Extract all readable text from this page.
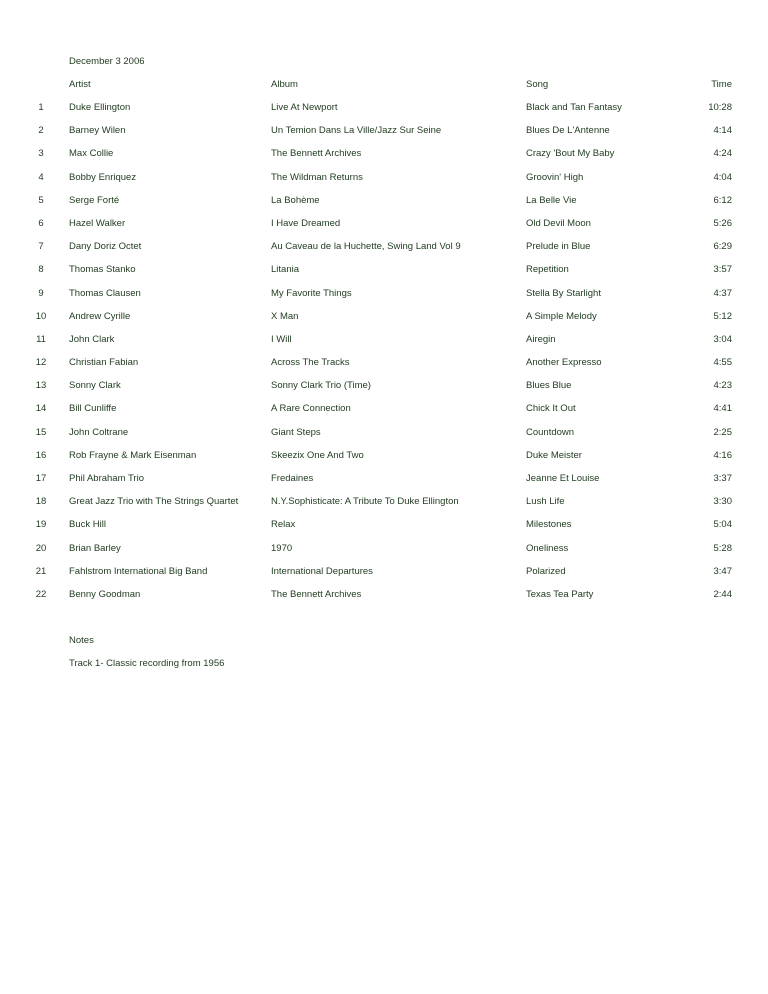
December 3 2006
Artist	Album	Song	Time
1	Duke Ellington	Live At Newport	Black and Tan Fantasy	10:28
2	Barney Wilen	Un Temion Dans La Ville/Jazz Sur Seine	Blues De L'Antenne	4:14
3	Max Collie	The Bennett Archives	Crazy 'Bout My Baby	4:24
4	Bobby Enriquez	The Wildman Returns	Groovin' High	4:04
5	Serge Forté	La Bohème	La Belle Vie	6:12
6	Hazel Walker	I Have Dreamed	Old Devil Moon	5:26
7	Dany Doriz Octet	Au Caveau de la Huchette, Swing Land Vol 9	Prelude in Blue	6:29
8	Thomas Stanko	Litania	Repetition	3:57
9	Thomas Clausen	My Favorite Things	Stella By Starlight	4:37
10	Andrew Cyrille	X Man	A Simple Melody	5:12
11	John Clark	I Will	Airegin	3:04
12	Christian Fabian	Across The Tracks	Another Expresso	4:55
13	Sonny Clark	Sonny Clark Trio (Time)	Blues Blue	4:23
14	Bill Cunliffe	A Rare Connection	Chick It Out	4:41
15	John Coltrane	Giant Steps	Countdown	2:25
16	Rob Frayne & Mark Eisenman	Skeezix One And Two	Duke Meister	4:16
17	Phil Abraham Trio	Fredaines	Jeanne Et Louise	3:37
18	Great Jazz Trio with The Strings Quartet	N.Y.Sophisticate: A Tribute To Duke Ellington	Lush Life	3:30
19	Buck Hill	Relax	Milestones	5:04
20	Brian Barley	1970	Oneliness	5:28
21	Fahlstrom International Big Band	International Departures	Polarized	3:47
22	Benny Goodman	The Bennett Archives	Texas Tea Party	2:44
Notes
Track 1- Classic recording from 1956
